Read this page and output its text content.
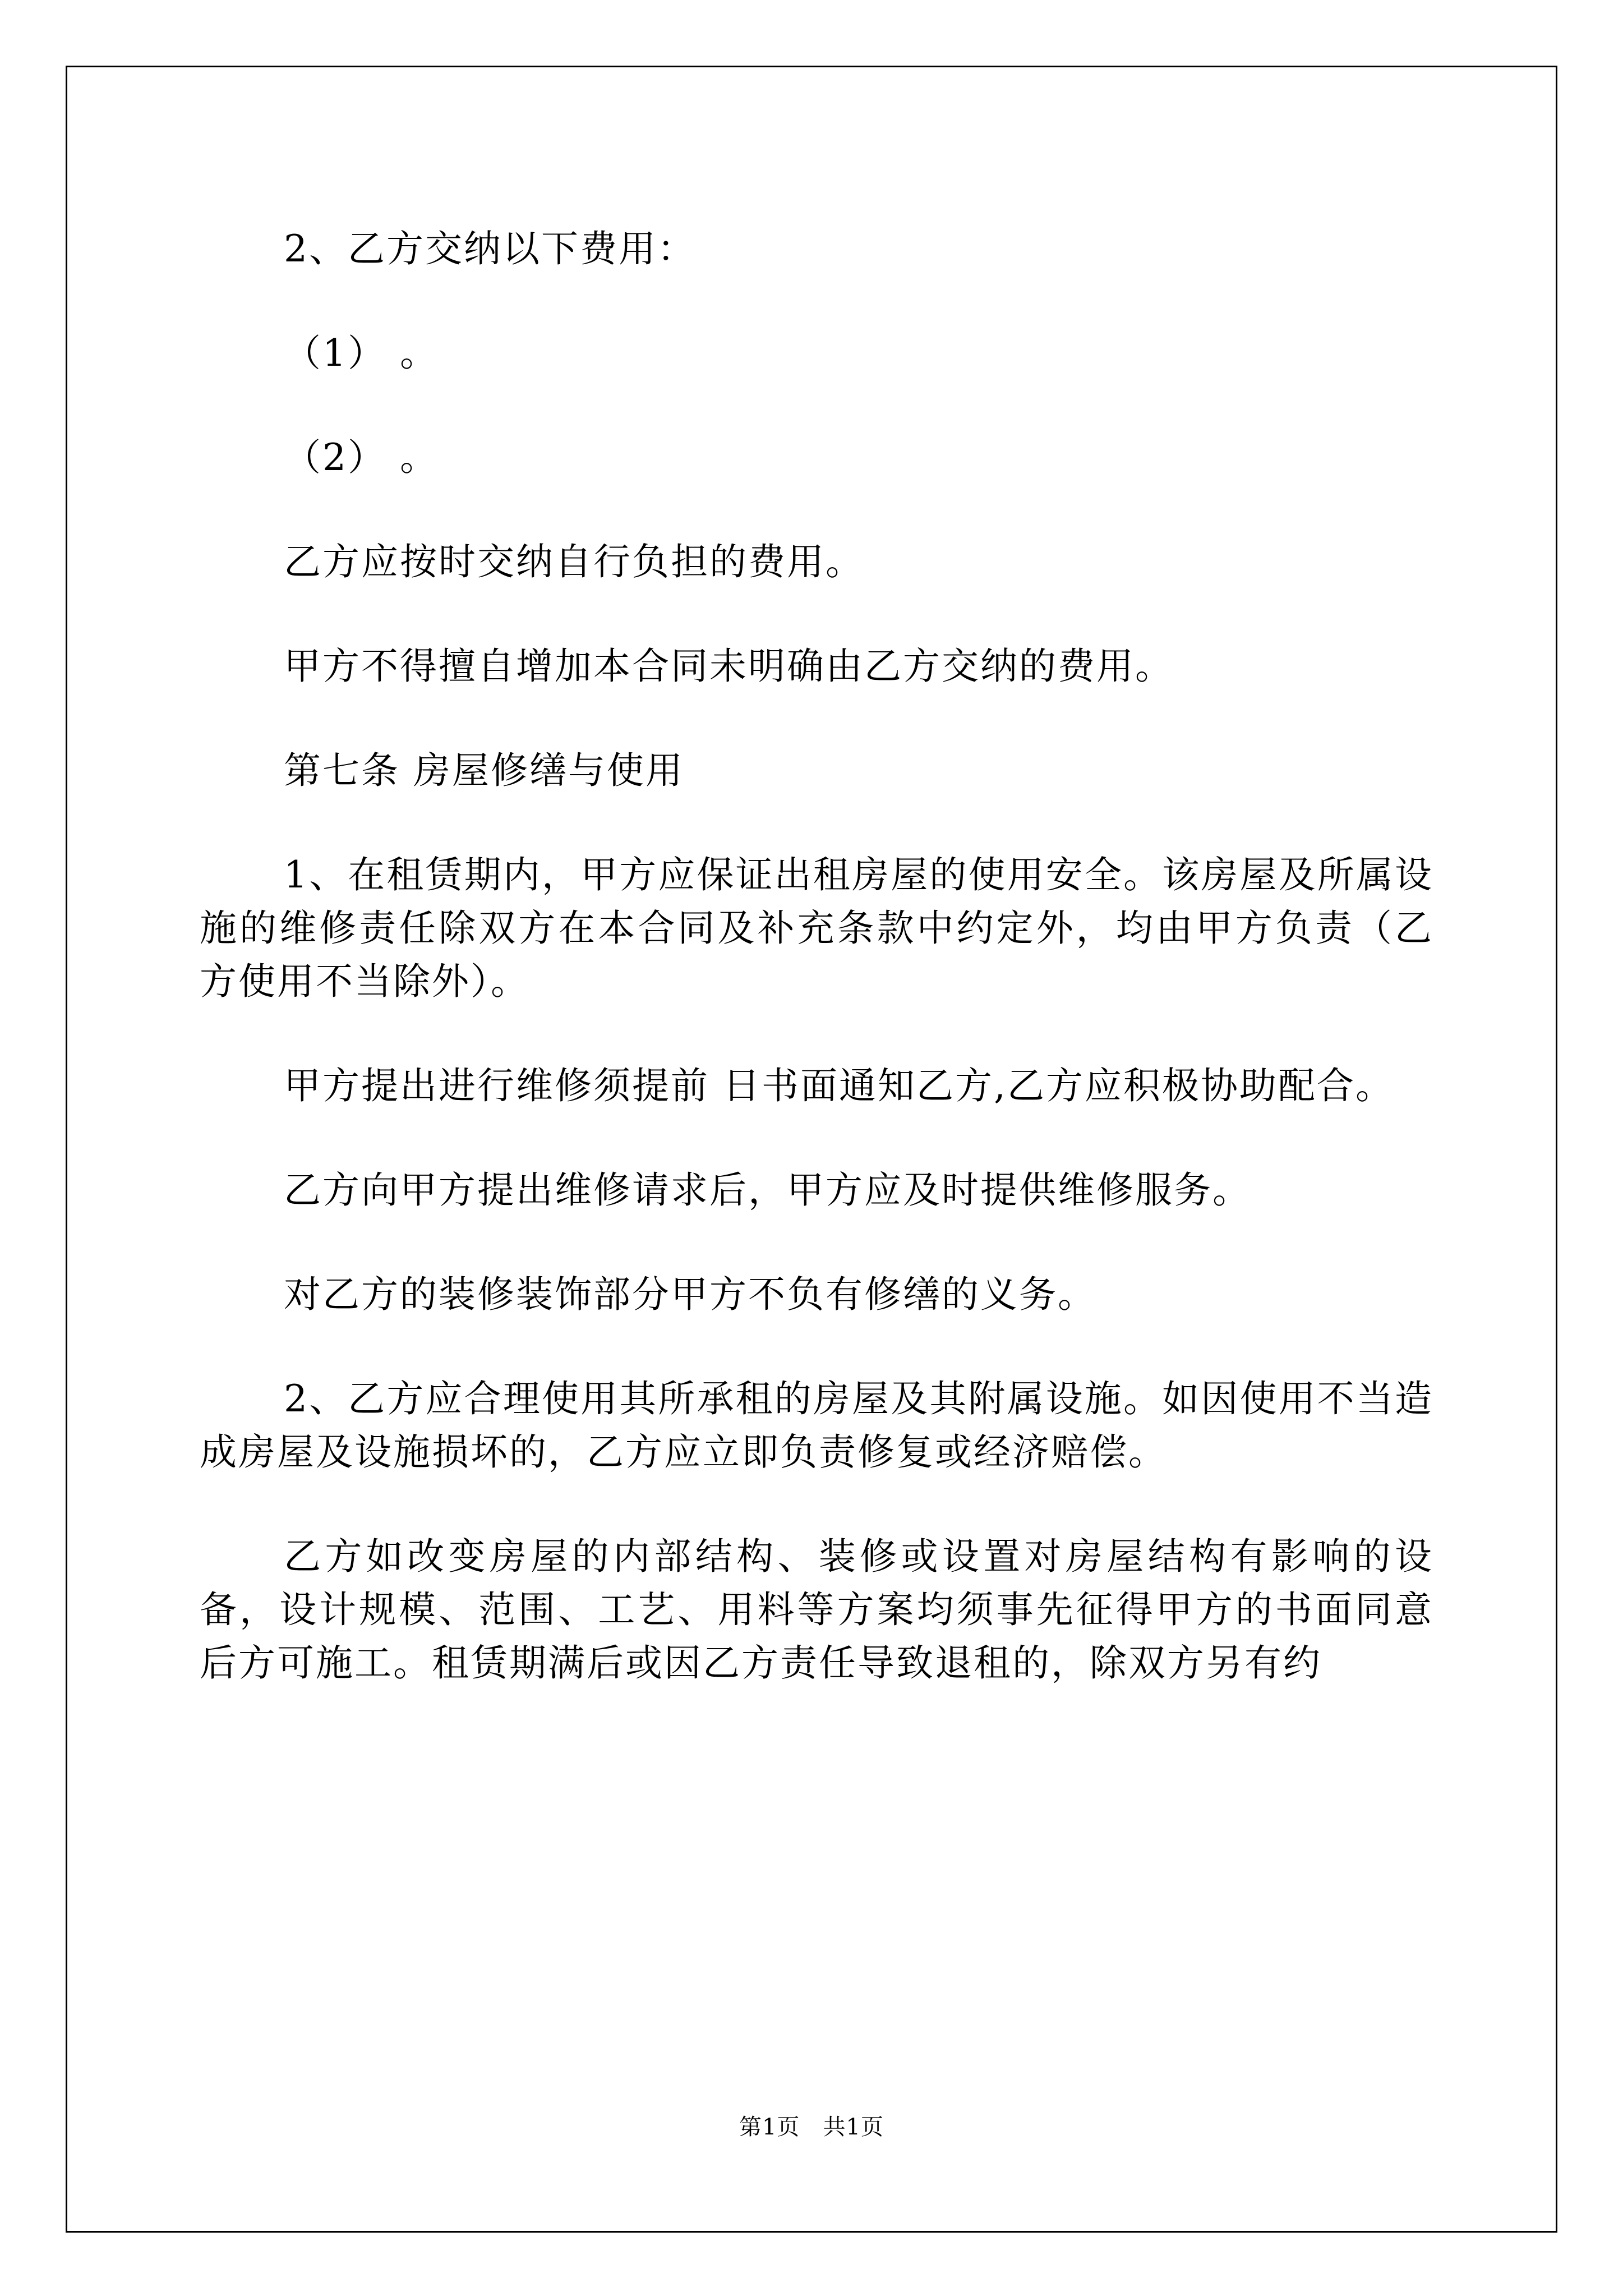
2、乙方交纳以下费用：

（1） 。

（2） 。

乙方应按时交纳自行负担的费用。

甲方不得擅自增加本合同未明确由乙方交纳的费用。

第七条 房屋修缮与使用

1、在租赁期内，甲方应保证出租房屋的使用安全。该房屋及所属设施的维修责任除双方在本合同及补充条款中约定外，均由甲方负责（乙方使用不当除外）。

甲方提出进行维修须提前 日书面通知乙方,乙方应积极协助配合。

乙方向甲方提出维修请求后，甲方应及时提供维修服务。

对乙方的装修装饰部分甲方不负有修缮的义务。

2、乙方应合理使用其所承租的房屋及其附属设施。如因使用不当造成房屋及设施损坏的，乙方应立即负责修复或经济赔偿。

乙方如改变房屋的内部结构、装修或设置对房屋结构有影响的设备，设计规模、范围、工艺、用料等方案均须事先征得甲方的书面同意后方可施工。租赁期满后或因乙方责任导致退租的，除双方另有约

第1页   共1页
